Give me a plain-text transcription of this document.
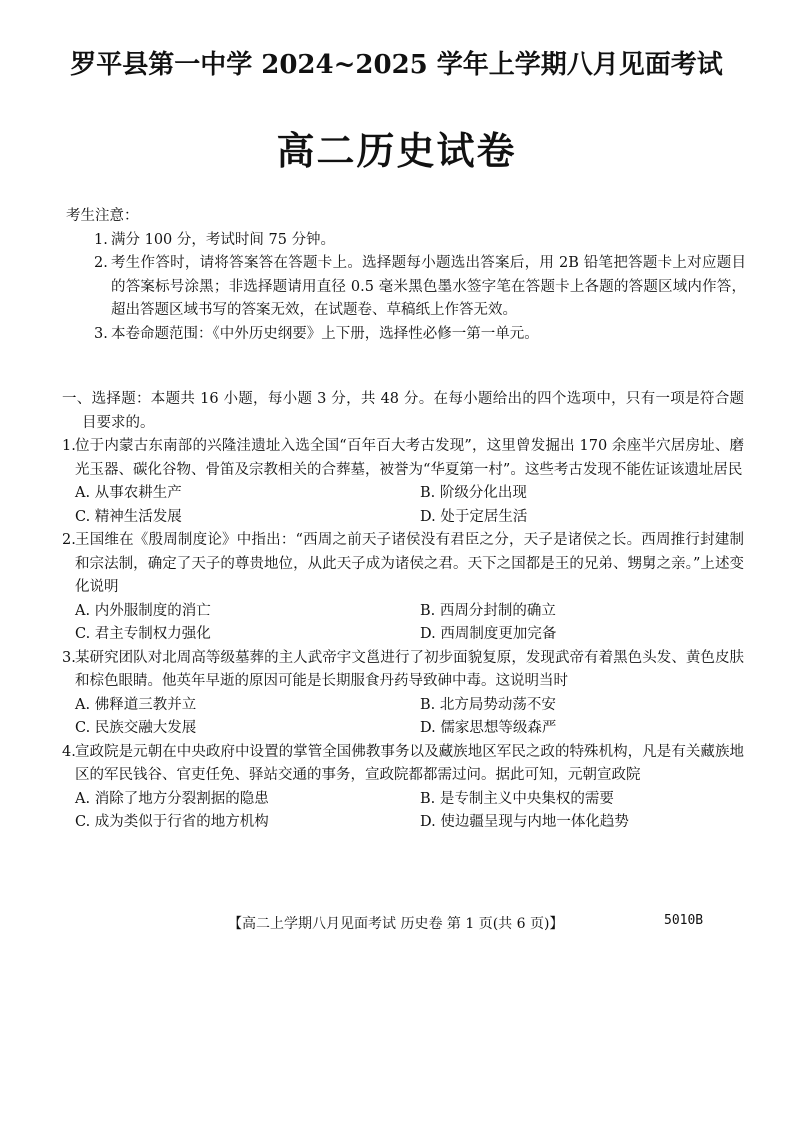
罗平县第一中学 2024~2025 学年上学期八月见面考试
高二历史试卷
考生注意：
1. 满分 100 分，考试时间 75 分钟。
2. 考生作答时，请将答案答在答题卡上。选择题每小题选出答案后，用 2B 铅笔把答题卡上对应题目的答案标号涂黑；非选择题请用直径 0.5 毫米黑色墨水签字笔在答题卡上各题的答题区域内作答，超出答题区域书写的答案无效，在试题卷、草稿纸上作答无效。
3. 本卷命题范围：《中外历史纲要》上下册，选择性必修一第一单元。
一、选择题：本题共 16 小题，每小题 3 分，共 48 分。在每小题给出的四个选项中，只有一项是符合题目要求的。
1. 位于内蒙古东南部的兴隆洼遗址入选全国“百年百大考古发现”，这里曾发掘出 170 余座半穴居房址、磨光玉器、碳化谷物、骨笛及宗教相关的合葬墓，被誉为“华夏第一村”。这些考古发现不能佐证该遗址居民
A. 从事农耕生产	B. 阶级分化出现
C. 精神生活发展	D. 处于定居生活
2. 王国维在《殷周制度论》中指出：“西周之前天子诸侯没有君臣之分，天子是诸侯之长。西周推行封建制和宗法制，确定了天子的尊贵地位，从此天子成为诸侯之君。天下之国都是王的兄弟、甥舅之亲。”上述变化说明
A. 内外服制度的消亡	B. 西周分封制的确立
C. 君主专制权力强化	D. 西周制度更加完备
3. 某研究团队对北周高等级墓葬的主人武帝宇文邕进行了初步面貌复原，发现武帝有着黑色头发、黄色皮肤和棕色眼睛。他英年早逝的原因可能是长期服食丹药导致砷中毒。这说明当时
A. 佛释道三教并立	B. 北方局势动荡不安
C. 民族交融大发展	D. 儒家思想等级森严
4. 宣政院是元朝在中央政府中设置的掌管全国佛教事务以及藏族地区军民之政的特殊机构，凡是有关藏族地区的军民钱谷、官吏任免、驿站交通的事务，宣政院都都需过问。据此可知，元朝宣政院
A. 消除了地方分裂割据的隐患	B. 是专制主义中央集权的需要
C. 成为类似于行省的地方机构	D. 使边疆呈现与内地一体化趋势
【高二上学期八月见面考试 历史卷 第 1 页(共 6 页)】	5010B
